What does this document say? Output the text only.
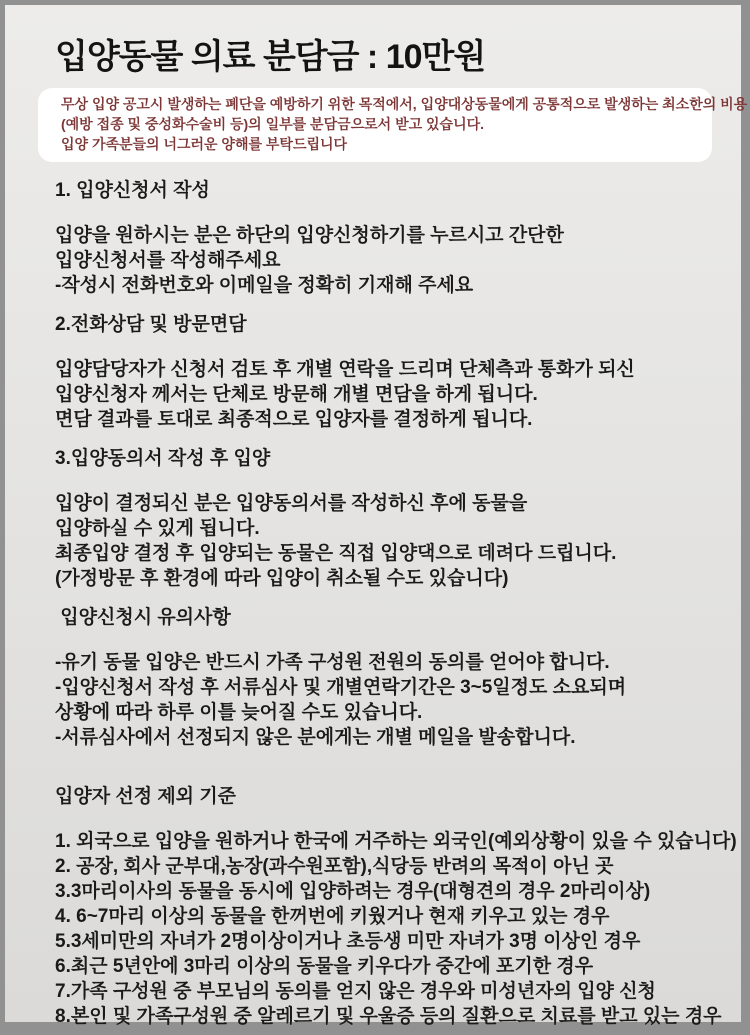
입양동물 의료 분담금 : 10만원
무상 입양 공고시 발생하는 폐단을 예방하기 위한 목적에서, 입양대상동물에게 공통적으로 발생하는 최소한의 비용
(예방 접종 및 중성화수술비 등)의 일부를 분담금으로서 받고 있습니다.
입양 가족분들의 너그러운 양해를 부탁드립니다
1. 입양신청서 작성
입양을 원하시는 분은 하단의 입양신청하기를 누르시고 간단한
입양신청서를 작성해주세요
-작성시 전화번호와 이메일을 정확히 기재해 주세요
2.전화상담 및 방문면담
입양담당자가 신청서 검토 후 개별 연락을 드리며 단체측과 통화가 되신
입양신청자 께서는 단체로 방문해 개별 면담을 하게 됩니다.
면담 결과를 토대로 최종적으로 입양자를 결정하게 됩니다.
3.입양동의서 작성 후 입양
입양이 결정되신 분은 입양동의서를 작성하신 후에 동물을
입양하실 수 있게 됩니다.
최종입양 결정 후 입양되는 동물은 직접 입양댁으로 데려다 드립니다.
(가정방문 후 환경에 따라 입양이 취소될 수도 있습니다)
입양신청시 유의사항
-유기 동물 입양은 반드시 가족 구성원 전원의 동의를 얻어야 합니다.
-입양신청서 작성 후 서류심사 및 개별연락기간은 3~5일정도 소요되며
상황에 따라 하루 이틀 늦어질 수도 있습니다.
-서류심사에서 선정되지 않은 분에게는 개별 메일을 발송합니다.
입양자 선정 제외 기준
1. 외국으로 입양을 원하거나 한국에 거주하는 외국인(예외상황이 있을 수 있습니다)
2. 공장, 회사 군부대,농장(과수원포함),식당등 반려의 목적이 아닌 곳
3.3마리이사의 동물을 동시에 입양하려는 경우(대형견의 경우 2마리이상)
4. 6~7마리 이상의 동물을 한꺼번에 키웠거나 현재 키우고 있는 경우
5.3세미만의 자녀가 2명이상이거나 초등생 미만 자녀가 3명 이상인 경우
6.최근 5년안에 3마리 이상의 동물을 키우다가 중간에 포기한 경우
7.가족 구성원 중 부모님의 동의를 얻지 않은 경우와 미성년자의 입양 신청
8.본인 및 가족구성원 중 알레르기 및 우울증 등의 질환으로 치료를 받고 있는 경우
